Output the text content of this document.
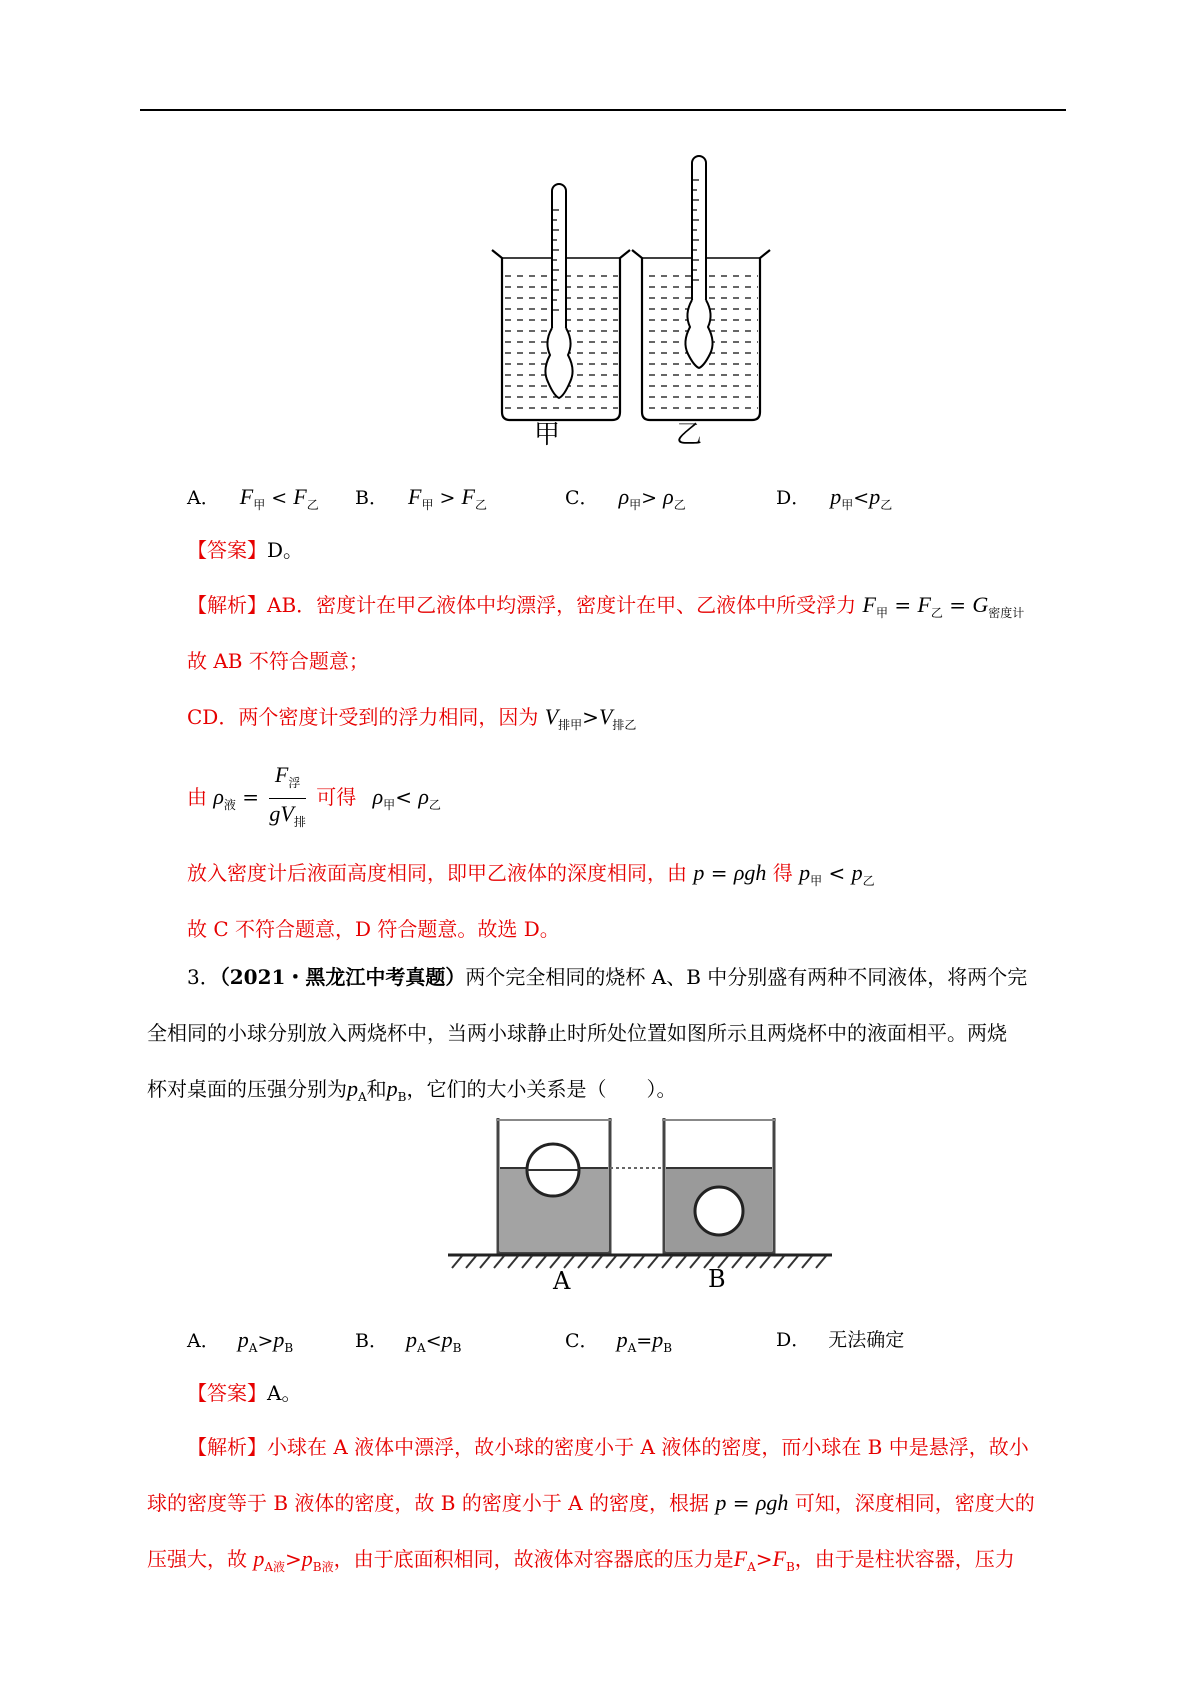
甲	乙
A． $F_甲 < F_乙$ B． $F_甲 > F_乙$	C． $\rho_甲> \rho_乙$	D． $p_甲<p_乙$
【答案】D。
【解析】AB．密度计在甲乙液体中均漂浮，密度计在甲、乙液体中所受浮力 $F_甲 = F_乙 = G_{密度计}$
故 AB 不符合题意；
CD．两个密度计受到的浮力相同，因为 $V_{排甲}>V_{排乙}$
由 $\rho_液 = \frac{F_浮}{gV_排}$ 可得 $\rho_甲< \rho_乙$
放入密度计后液面高度相同，即甲乙液体的深度相同，由 p = ρgh 得 $p_甲 < p_乙$
故 C 不符合题意，D 符合题意。故选 D。
3．（2021・黑龙江中考真题）两个完全相同的烧杯 A、B 中分别盛有两种不同液体，将两个完
全相同的小球分别放入两烧杯中，当两小球静止时所处位置如图所示且两烧杯中的液面相平。两烧
杯对桌面的压强分别为$p_A$和$p_B$，它们的大小关系是（　　）。
A	B
A． $p_A>p_B$	B． $p_A<p_B$	C． $p_A=p_B$	D． 无法确定
【答案】A。
【解析】小球在 A 液体中漂浮，故小球的密度小于 A 液体的密度，而小球在 B 中是悬浮，故小
球的密度等于 B 液体的密度，故 B 的密度小于 A 的密度，根据 p = ρgh 可知，深度相同，密度大的
压强大，故 $p_{A液}>p_{B液}$，由于底面积相同，故液体对容器底的压力是$F_A>F_B$，由于是柱状容器，压力
